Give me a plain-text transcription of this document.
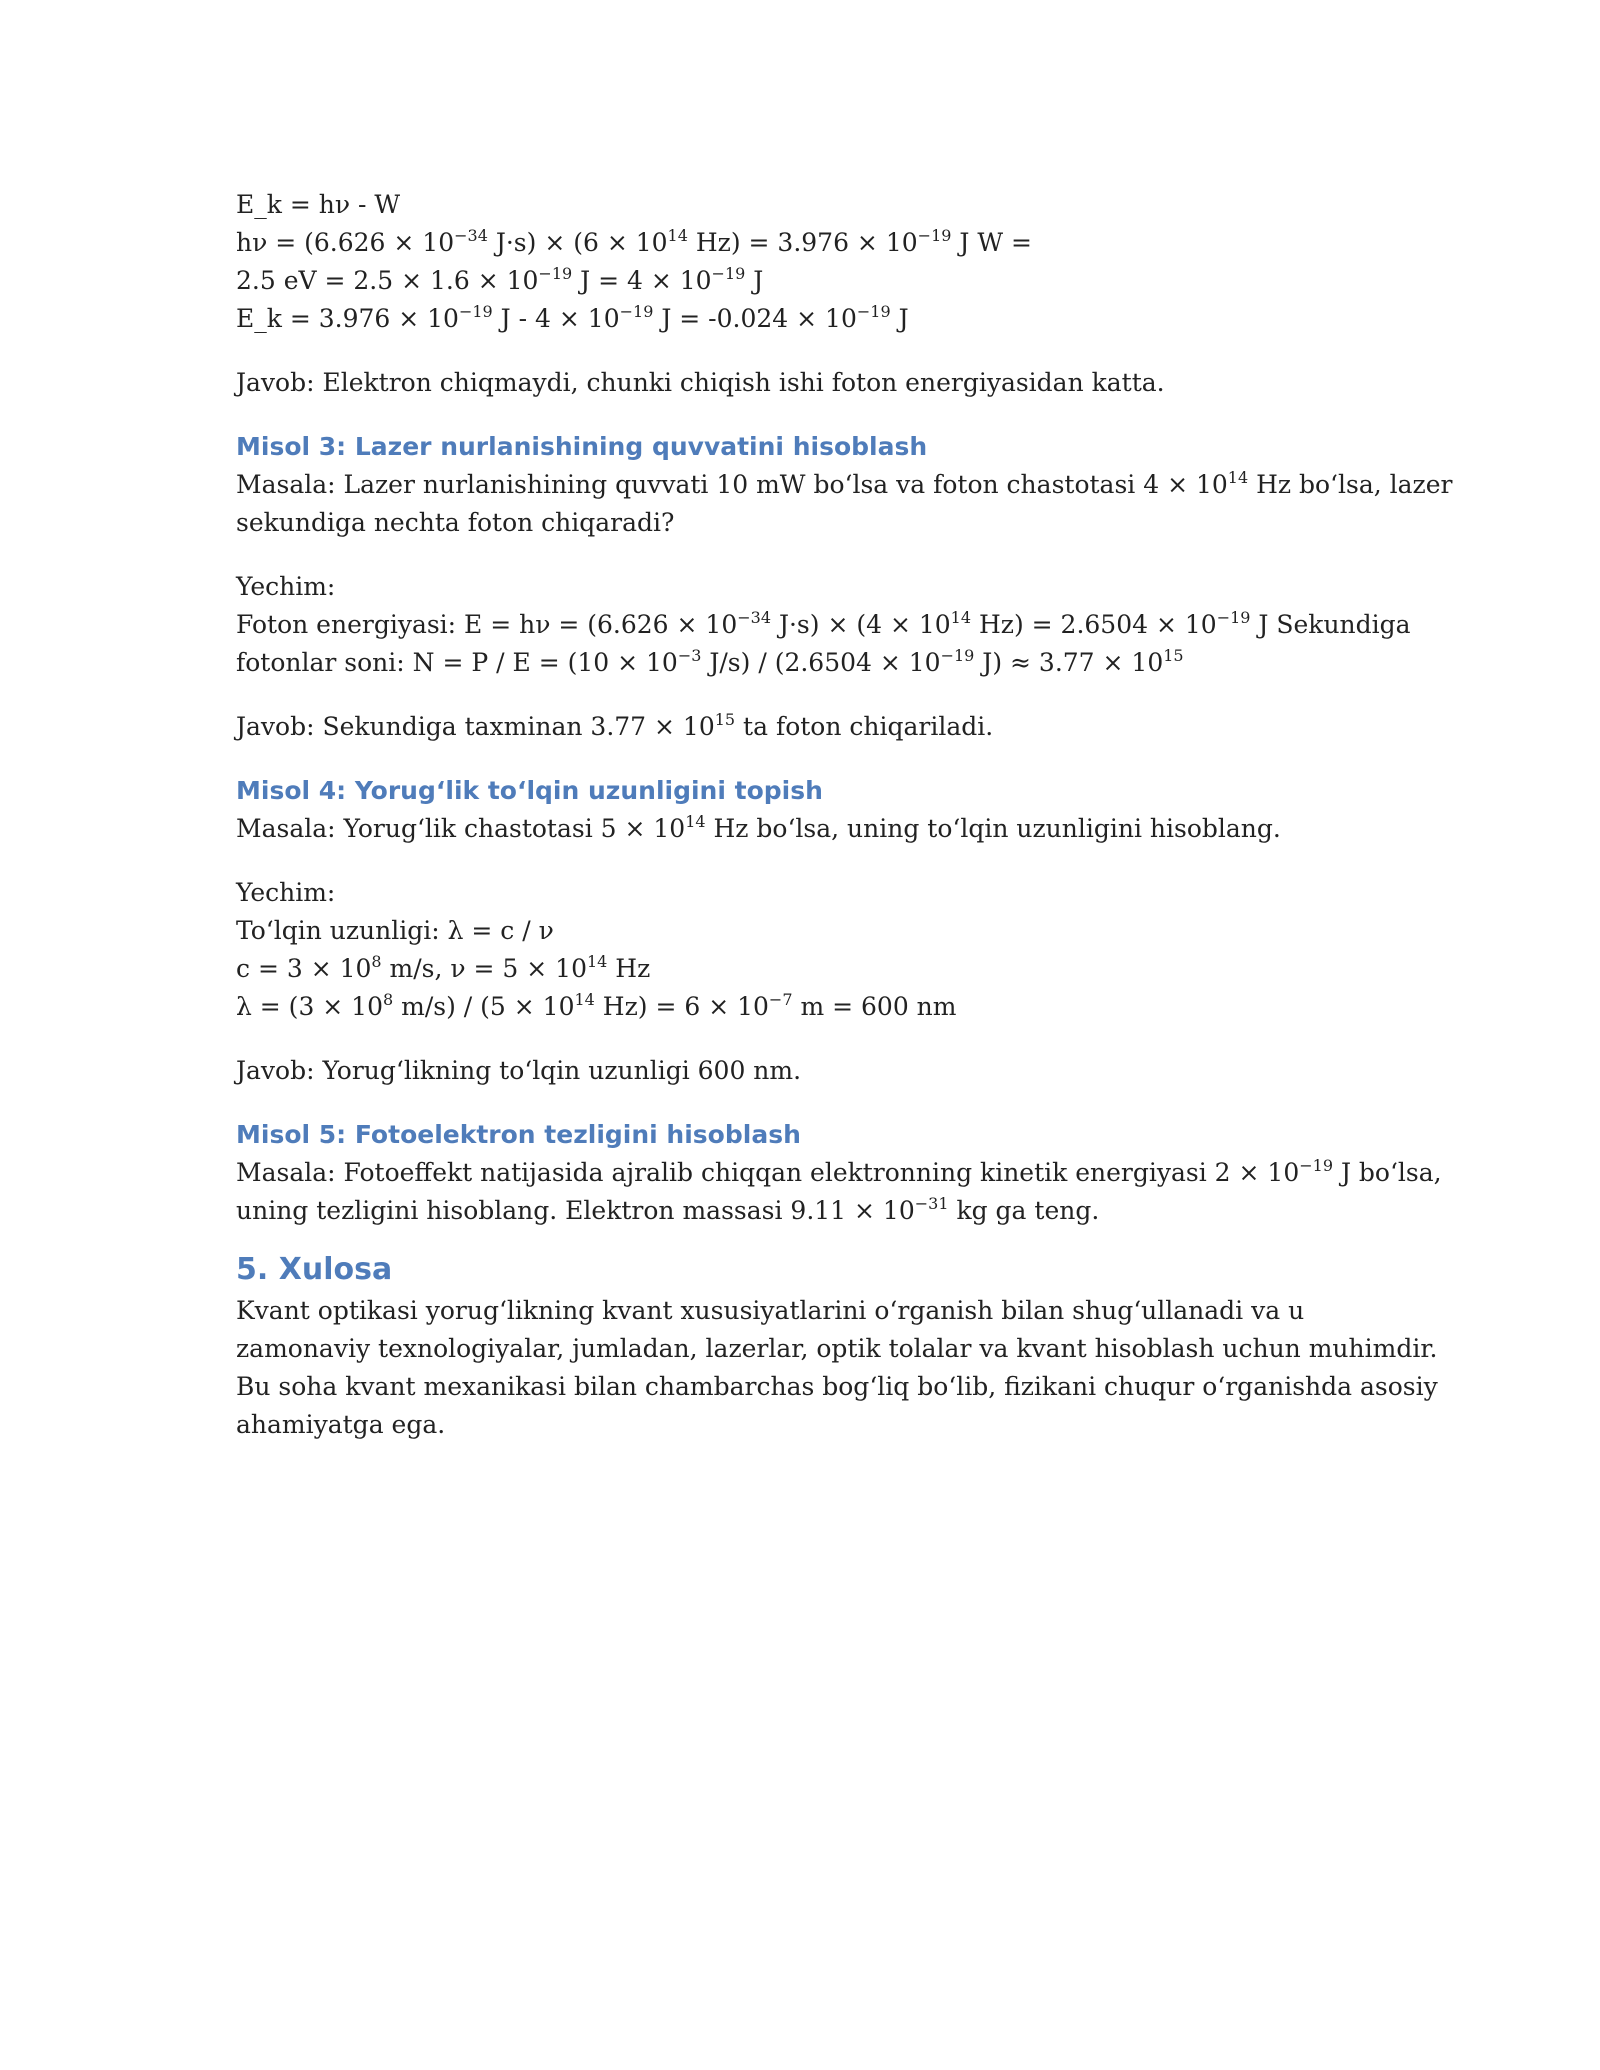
E_k = hν - W

$h\nu = (6.626 \times 10^{-34}$ $J\cdot s) \times (6 \times 10^{14}$ $Hz) = 3.976 \times 10^{-19}$ J W =

2.5 eV = $2.5 \times 1.6 \times 10^{-19}$ $J = 4 \times 10^{-19}$ J

E_k = $3.976 \times 10^{-19}$ $J - 4 \times 10^{-19}$ $J = -0.024 \times 10^{-19}$ J

Javob: Elektron chiqmaydi, chunki chiqish ishi foton energiyasidan katta.

Misol 3: Lazer nurlanishining quvvatini hisoblash

Masala: Lazer nurlanishining quvvati 10 mW bo‘lsa va foton chastotasi $4 \times 10^{14}$ Hz bo‘lsa, lazer

sekundiga nechta foton chiqaradi?

Yechim:

Foton energiyasi: $E = h\nu = (6.626 \times 10^{-34}$ $J\cdot s) \times (4 \times 10^{14}$ $Hz) = 2.6504 \times 10^{-19}$ J Sekundiga

fotonlar soni: $N = P / E = (10 \times 10^{-3}$ $J/s) / (2.6504 \times 10^{-19}$ $J) \approx 3.77 \times 10^{15}$

Javob: Sekundiga taxminan $3.77 \times 10^{15}$ ta foton chiqariladi.

Misol 4: Yorug‘lik to‘lqin uzunligini topish

Masala: Yorug‘lik chastotasi $5 \times 10^{14}$ Hz bo‘lsa, uning to‘lqin uzunligini hisoblang.

Yechim:

To‘lqin uzunligi: λ = c / ν

$c = 3 \times 10^8$ m/s, $\nu = 5 \times 10^{14}$ Hz

$\lambda = (3 \times 10^8$ $m/s) / (5 \times 10^{14}$ $Hz) = 6 \times 10^{-7}$ m = 600 nm

Javob: Yorug‘likning to‘lqin uzunligi 600 nm.

Misol 5: Fotoelektron tezligini hisoblash

Masala: Fotoeffekt natijasida ajralib chiqqan elektronning kinetik energiyasi $2 \times 10^{-19}$ J bo‘lsa,

uning tezligini hisoblang. Elektron massasi $9.11 \times 10^{-31}$ kg ga teng.

5. Xulosa

Kvant optikasi yorug‘likning kvant xususiyatlarini o‘rganish bilan shug‘ullanadi va u

zamonaviy texnologiyalar, jumladan, lazerlar, optik tolalar va kvant hisoblash uchun muhimdir.

Bu soha kvant mexanikasi bilan chambarchas bog‘liq bo‘lib, fizikani chuqur o‘rganishda asosiy

ahamiyatga ega.
